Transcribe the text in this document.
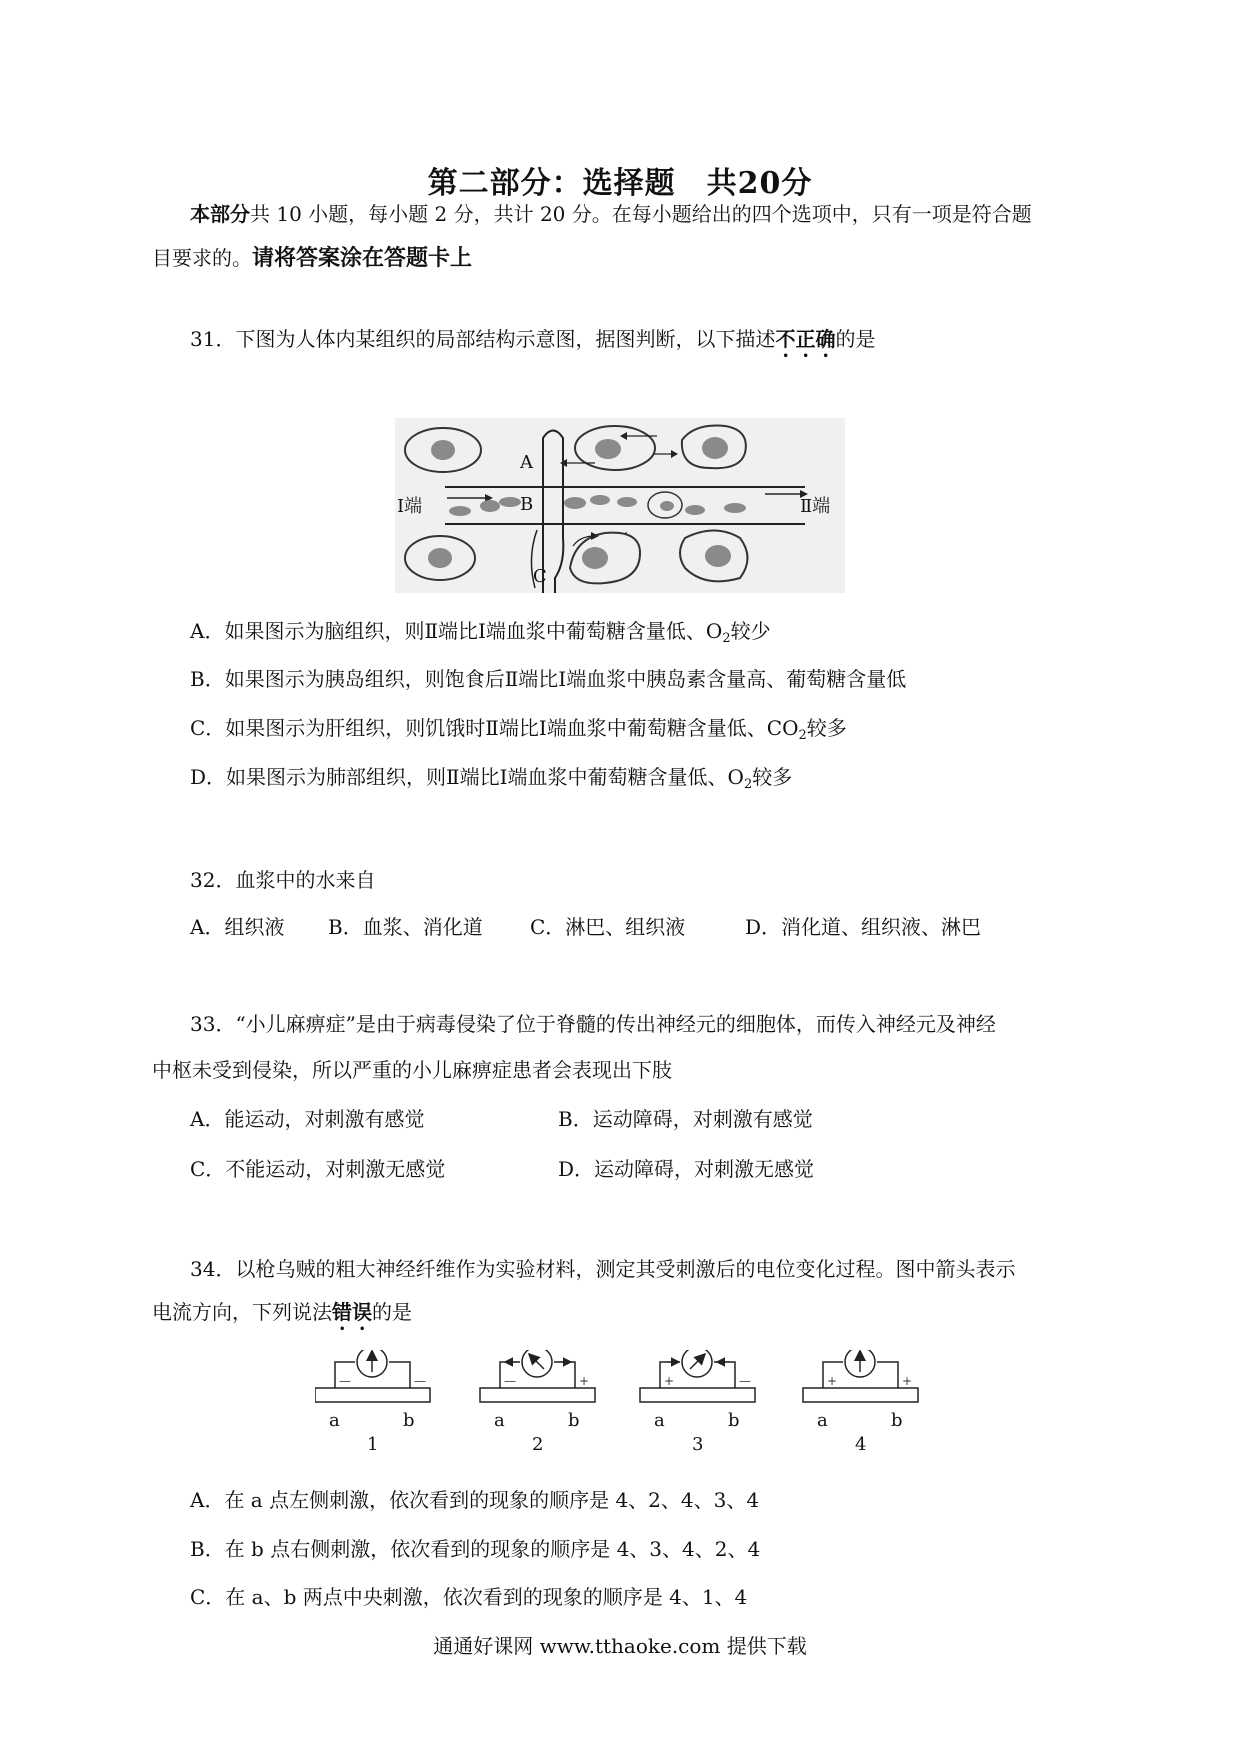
第二部分：选择题　共20分
本部分共 10 小题，每小题 2 分，共计 20 分。在每小题给出的四个选项中，只有一项是符合题
目要求的。请将答案涂在答题卡上
31．下图为人体内某组织的局部结构示意图，据图判断，以下描述不正确的是
A
B
C
Ⅰ端	Ⅱ端
A．如果图示为脑组织，则Ⅱ端比Ⅰ端血浆中葡萄糖含量低、$O_2$较少
B．如果图示为胰岛组织，则饱食后Ⅱ端比Ⅰ端血浆中胰岛素含量高、葡萄糖含量低
C．如果图示为肝组织，则饥饿时Ⅱ端比Ⅰ端血浆中葡萄糖含量低、$CO_2$较多
D．如果图示为肺部组织，则Ⅱ端比Ⅰ端血浆中葡萄糖含量低、$O_2$较多
32．血浆中的水来自
A．组织液 B．血浆、消化道 C．淋巴、组织液	D．消化道、组织液、淋巴
33．“小儿麻痹症”是由于病毒侵染了位于脊髓的传出神经元的细胞体，而传入神经元及神经
中枢未受到侵染，所以严重的小儿麻痹症患者会表现出下肢
A．能运动，对刺激有感觉	B．运动障碍，对刺激有感觉
C．不能运动，对刺激无感觉	D．运动障碍，对刺激无感觉
34．以枪乌贼的粗大神经纤维作为实验材料，测定其受刺激后的电位变化过程。图中箭头表示
电流方向，下列说法错误的是
—	—
a	b
1
—	+
a	b
2
+	—
a	b
3
+	+
a	b
4
A．在 a 点左侧刺激，依次看到的现象的顺序是 4、2、4、3、4
B．在 b 点右侧刺激，依次看到的现象的顺序是 4、3、4、2、4
C．在 a、b 两点中央刺激，依次看到的现象的顺序是 4、1、4
通通好课网 www.tthaoke.com 提供下载
